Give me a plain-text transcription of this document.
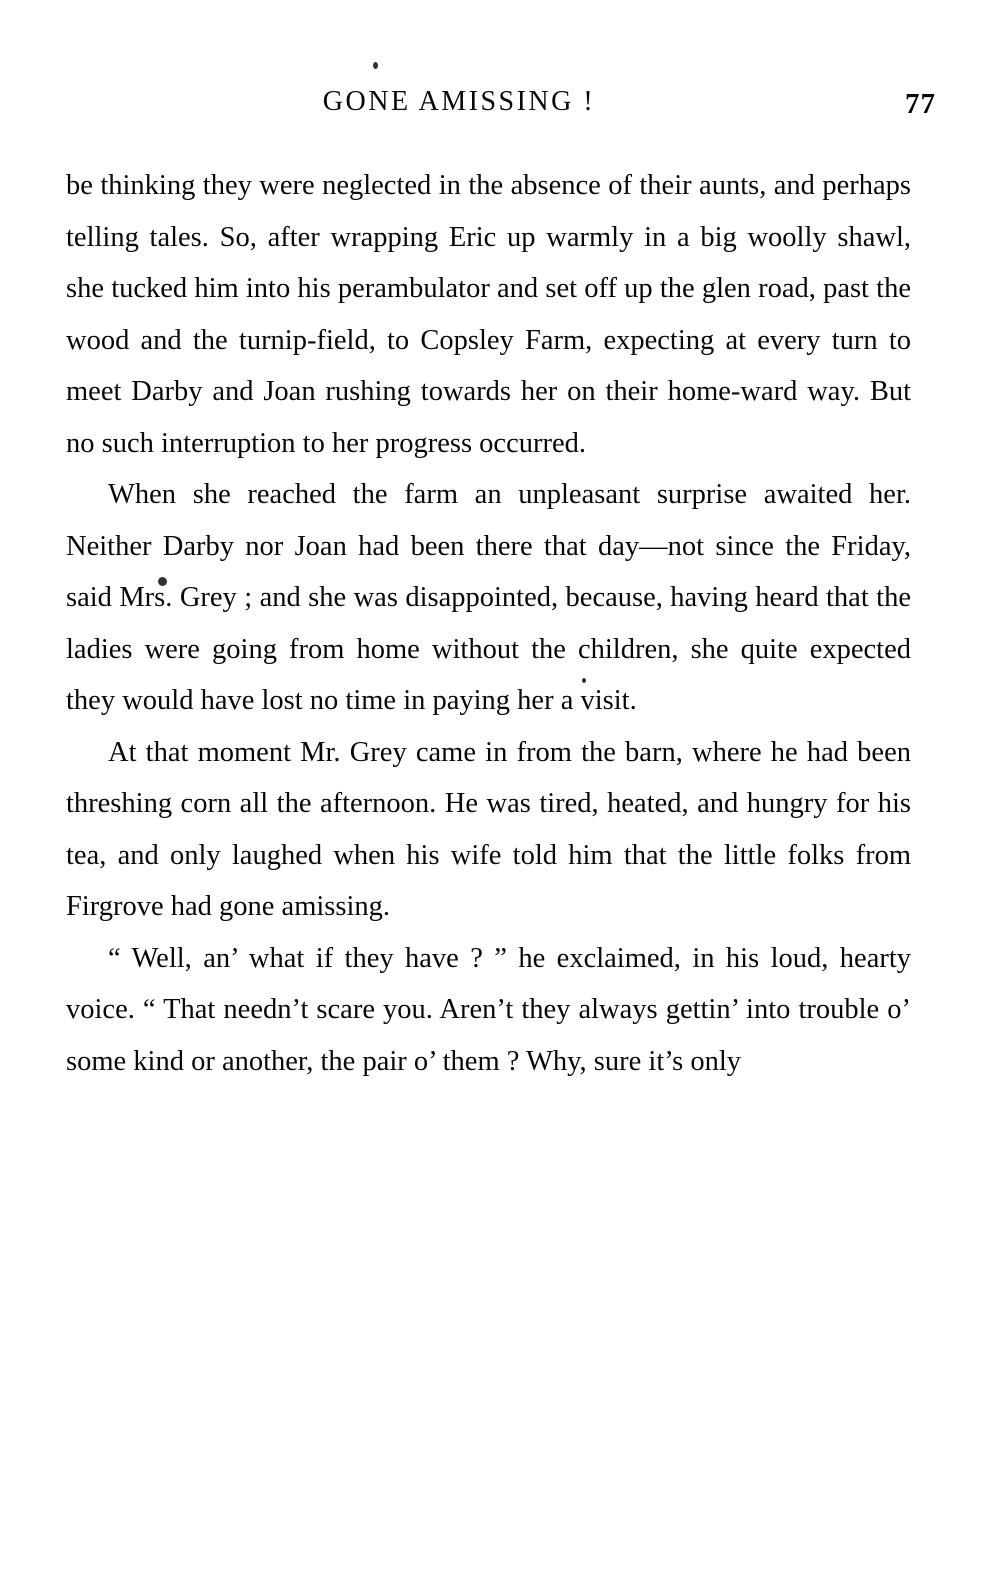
GONE AMISSING !	77

be thinking they were neglected in the absence of their aunts, and perhaps telling tales. So, after wrapping Eric up warmly in a big woolly shawl, she tucked him into his perambulator and set off up the glen road, past the wood and the turnip-field, to Copsley Farm, expecting at every turn to meet Darby and Joan rushing towards her on their home-ward way. But no such interruption to her progress occurred.

When she reached the farm an unpleasant surprise awaited her. Neither Darby nor Joan had been there that day—not since the Friday, said Mrs. Grey ; and she was disappointed, because, having heard that the ladies were going from home without the children, she quite expected they would have lost no time in paying her a visit.

At that moment Mr. Grey came in from the barn, where he had been threshing corn all the afternoon. He was tired, heated, and hungry for his tea, and only laughed when his wife told him that the little folks from Firgrove had gone amissing.

“ Well, an’ what if they have ? ” he exclaimed, in his loud, hearty voice. “ That needn’t scare you. Aren’t they always gettin’ into trouble o’ some kind or another, the pair o’ them ? Why, sure it’s only
